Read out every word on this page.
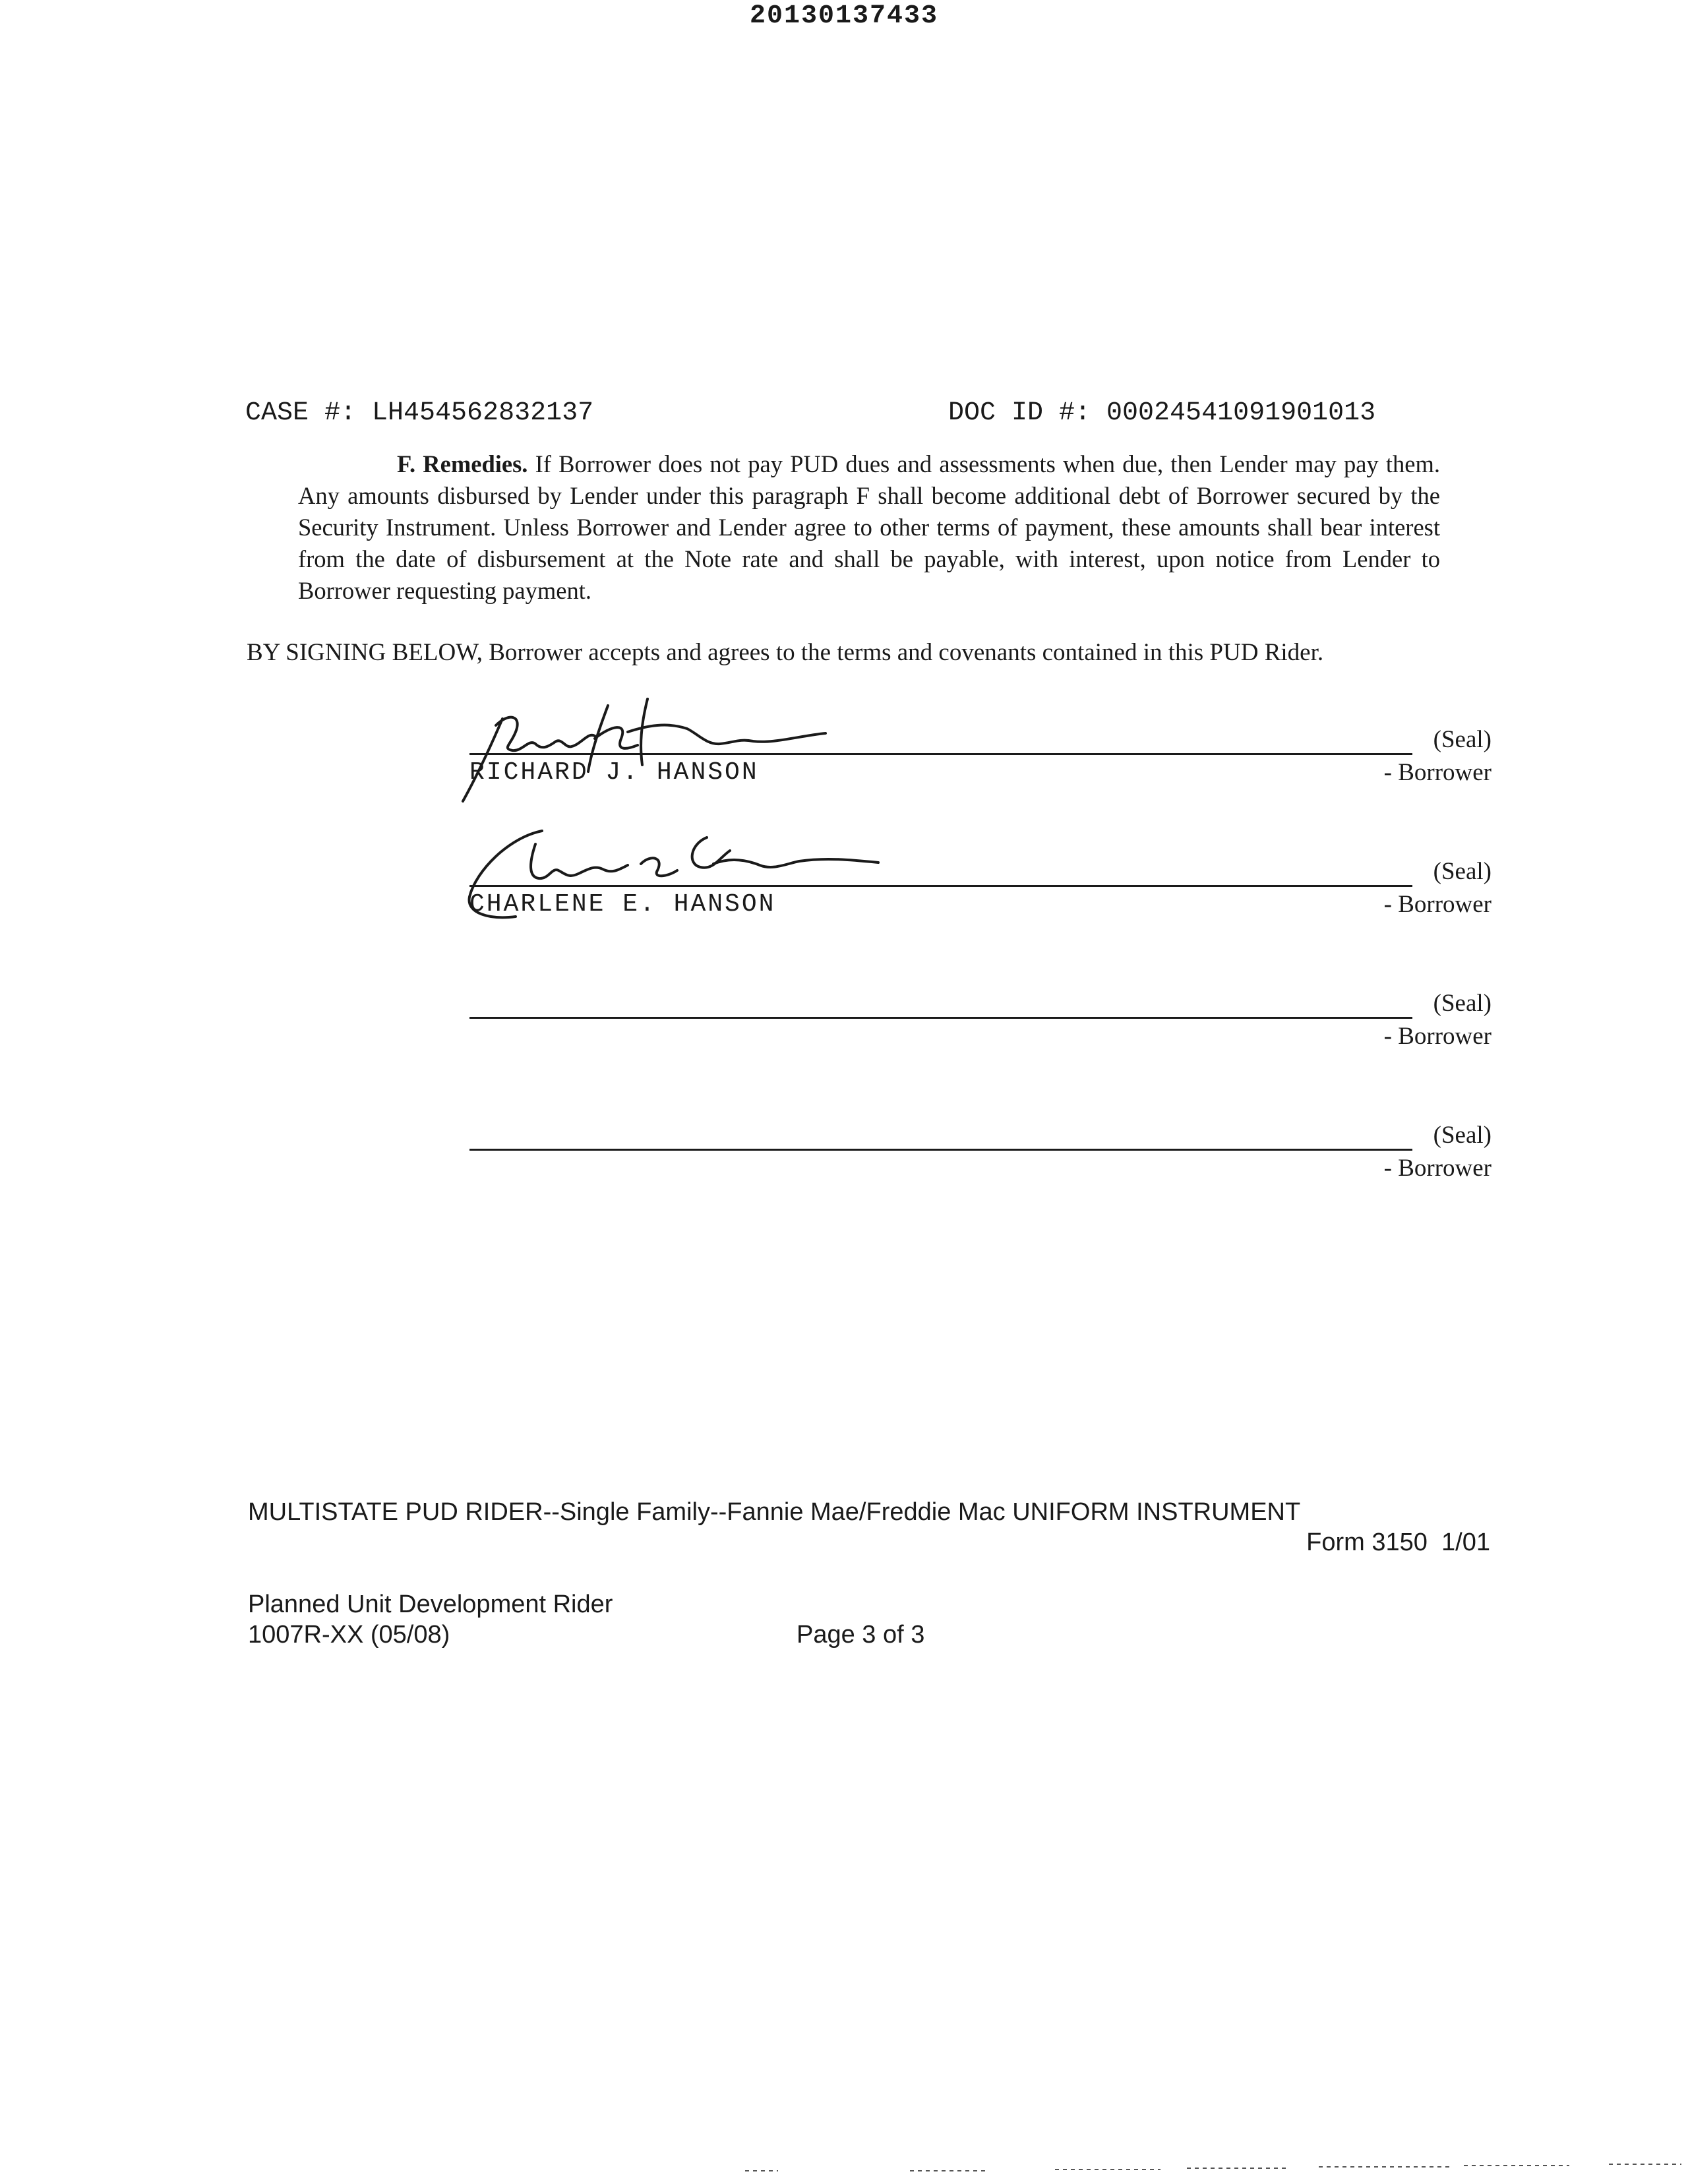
20130137433
CASE #: LH454562832137	DOC ID #: 00024541091901013

F. Remedies. If Borrower does not pay PUD dues and assessments when due, then Lender may pay them. Any amounts disbursed by Lender under this paragraph F shall become additional debt of Borrower secured by the Security Instrument. Unless Borrower and Lender agree to other terms of payment, these amounts shall bear interest from the date of disbursement at the Note rate and shall be payable, with interest, upon notice from Lender to Borrower requesting payment.

BY SIGNING BELOW, Borrower accepts and agrees to the terms and covenants contained in this PUD Rider.
(Seal)
- Borrower
RICHARD J. HANSON
(Seal)
- Borrower
CHARLENE E. HANSON
(Seal)
- Borrower
(Seal)
- Borrower
MULTISTATE PUD RIDER--Single Family--Fannie Mae/Freddie Mac UNIFORM INSTRUMENT
Form 3150  1/01
Planned Unit Development Rider
1007R-XX (05/08)	Page 3 of 3
